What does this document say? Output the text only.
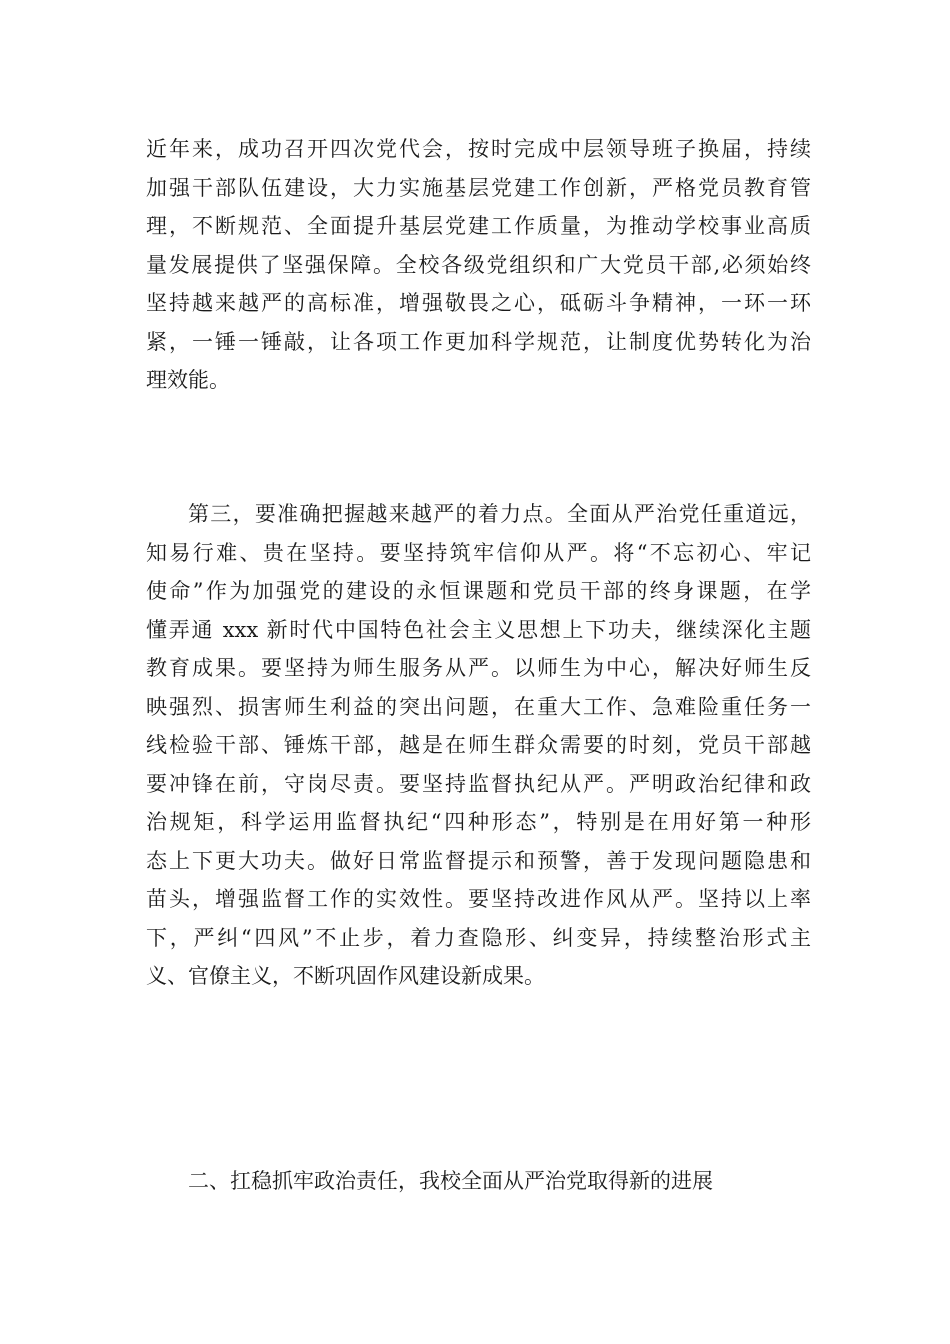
近年来，成功召开四次党代会，按时完成中层领导班子换届，持续
加强干部队伍建设，大力实施基层党建工作创新，严格党员教育管
理，不断规范、全面提升基层党建工作质量，为推动学校事业高质
量发展提供了坚强保障。全校各级党组织和广大党员干部,必须始终
坚持越来越严的高标准，增强敬畏之心，砥砺斗争精神，一环一环
紧，一锤一锤敲，让各项工作更加科学规范，让制度优势转化为治
理效能。
第三，要准确把握越来越严的着力点。全面从严治党任重道远，
知易行难、贵在坚持。要坚持筑牢信仰从严。将“不忘初心、牢记
使命”作为加强党的建设的永恒课题和党员干部的终身课题，在学
懂弄通 xxx 新时代中国特色社会主义思想上下功夫，继续深化主题
教育成果。要坚持为师生服务从严。以师生为中心，解决好师生反
映强烈、损害师生利益的突出问题，在重大工作、急难险重任务一
线检验干部、锤炼干部，越是在师生群众需要的时刻，党员干部越
要冲锋在前，守岗尽责。要坚持监督执纪从严。严明政治纪律和政
治规矩，科学运用监督执纪“四种形态”，特别是在用好第一种形
态上下更大功夫。做好日常监督提示和预警，善于发现问题隐患和
苗头，增强监督工作的实效性。要坚持改进作风从严。坚持以上率
下，严纠“四风”不止步，着力查隐形、纠变异，持续整治形式主
义、官僚主义，不断巩固作风建设新成果。
二、扛稳抓牢政治责任，我校全面从严治党取得新的进展
